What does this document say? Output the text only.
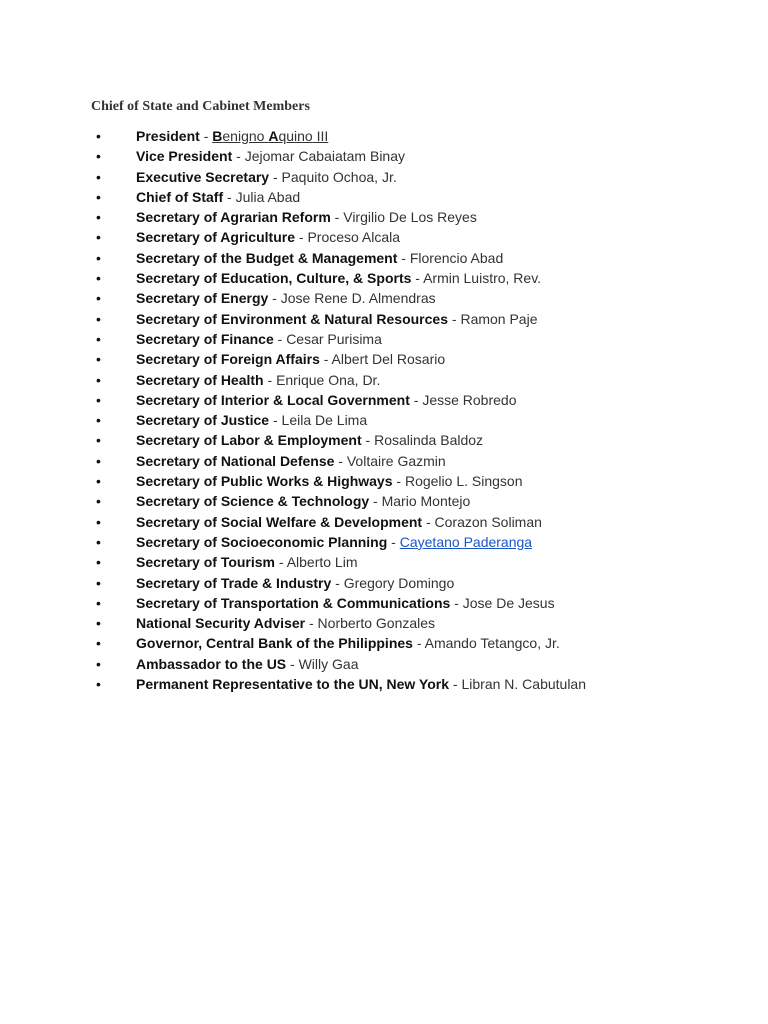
Chief of State and Cabinet Members
•	President - Benigno Aquino III
•	Vice President - Jejomar Cabaiatam Binay
•	Executive Secretary - Paquito Ochoa, Jr.
•	Chief of Staff - Julia Abad
•	Secretary of Agrarian Reform - Virgilio De Los Reyes
•	Secretary of Agriculture - Proceso Alcala
•	Secretary of the Budget & Management - Florencio Abad
•	Secretary of Education, Culture, & Sports - Armin Luistro, Rev.
•	Secretary of Energy - Jose Rene D. Almendras
•	Secretary of Environment & Natural Resources - Ramon Paje
•	Secretary of Finance - Cesar Purisima
•	Secretary of Foreign Affairs - Albert Del Rosario
•	Secretary of Health - Enrique Ona, Dr.
•	Secretary of Interior & Local Government - Jesse Robredo
•	Secretary of Justice - Leila De Lima
•	Secretary of Labor & Employment - Rosalinda Baldoz
•	Secretary of National Defense - Voltaire Gazmin
•	Secretary of Public Works & Highways - Rogelio L. Singson
•	Secretary of Science & Technology - Mario Montejo
•	Secretary of Social Welfare & Development - Corazon Soliman
•	Secretary of Socioeconomic Planning - Cayetano Paderanga
•	Secretary of Tourism - Alberto Lim
•	Secretary of Trade & Industry - Gregory Domingo
•	Secretary of Transportation & Communications - Jose De Jesus
•	National Security Adviser - Norberto Gonzales
•	Governor, Central Bank of the Philippines - Amando Tetangco, Jr.
•	Ambassador to the US - Willy Gaa
•	Permanent Representative to the UN, New York - Libran N. Cabutulan
